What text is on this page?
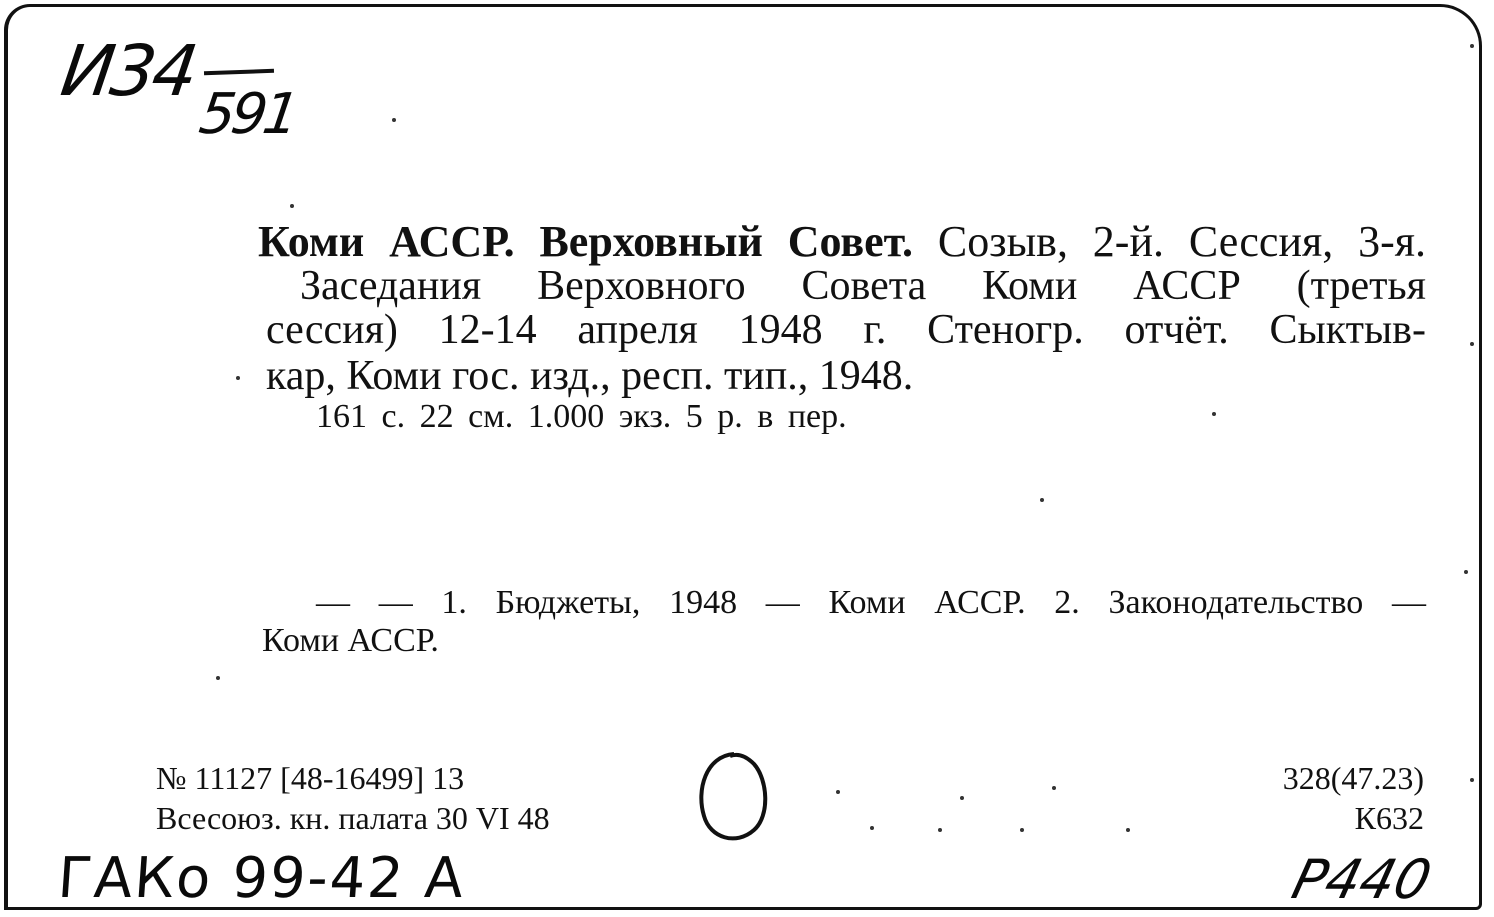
И34
591
Коми АССР. Верховный Совет. Созыв, 2-й. Сессия, 3-я.
Заседания Верховного Совета Коми АССР (третья
сессия) 12-14 апреля 1948 г. Стеногр. отчёт. Сыктыв-
кар, Коми гос. изд., респ. тип., 1948.
161 с. 22 см. 1.000 экз. 5 р. в пер.
— — 1. Бюджеты, 1948 — Коми АССР. 2. Законодательство —
Коми АССР.
№ 11127 [48-16499] 13
Всесоюз. кн. палата 30 VI 48
328(47.23)
К632
ГАКо 99-42 А	Р440
